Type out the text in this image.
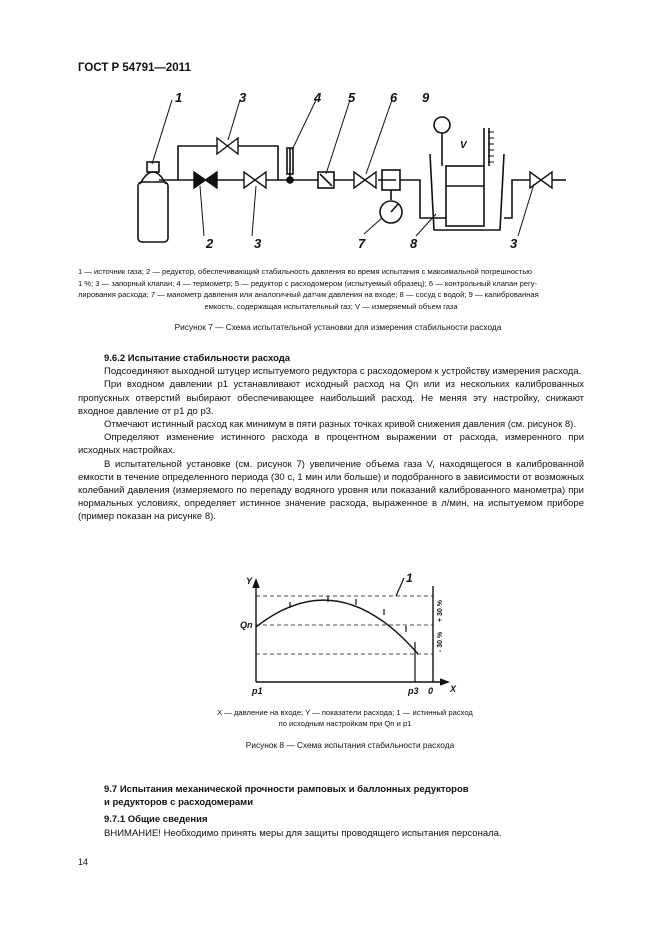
ГОСТ Р 54791—2011
1	3	4 5	6 9
2	3	7	8	3
V

1 — источник газа; 2 — редуктор, обеспечивающий стабильность давления во время испытания с максимальной погрешностью

1 %; 3 — запорный клапан; 4 — термометр; 5 — редуктор с расходомером (испытуемый образец); 6 — контрольный клапан регу-

лирования расхода; 7 — манометр давления или аналогичный датчик давления на входе; 8 — сосуд с водой; 9 — калиброванная

емкость, содержащая испытательный газ; V — измеряемый объем газа

Рисунок 7 — Схема испытательной установки для измерения стабильности расхода

9.6.2 Испытание стабильности расхода

Подсоединяют выходной штуцер испытуемого редуктора с расходомером к устройству измерения расхода.

При входном давлении p1 устанавливают исходный расход на Qn или из нескольких калиброванных пропускных отверстий выбирают обеспечивающее наибольший расход. Не меняя эту настройку, снижают входное давление от p1 до p3.

Отмечают истинный расход как минимум в пяти разных точках кривой снижения давления (см. рисунок 8).

Определяют изменение истинного расхода в процентном выражении от расхода, измеренного при исходных настройках.

В испытательной установке (см. рисунок 7) увеличение объема газа V, находящегося в калиброванной емкости в течение определенного периода (30 с, 1 мин или больше) и подобранного в зависимости от возможных колебаний давления (измеряемого по перепаду водяного уровня или показаний калиброванного манометра) при нормальных условиях, определяет истинное значение расхода, выраженное в л/мин, на испытуемом приборе (пример показан на рисунке 8).

Y
X
1
Qn
p1	p3 0
+ 30 %
- 30 %

X — давление на входе; Y — показатели расхода; 1 — истинный расход

по исходным настройкам при Qn и p1

Рисунок 8 — Схема испытания стабильности расхода

9.7 Испытания механической прочности рамповых и баллонных редукторов

и редукторов с расходомерами

9.7.1 Общие сведения

ВНИМАНИЕ! Необходимо принять меры для защиты проводящего испытания персонала.

14
